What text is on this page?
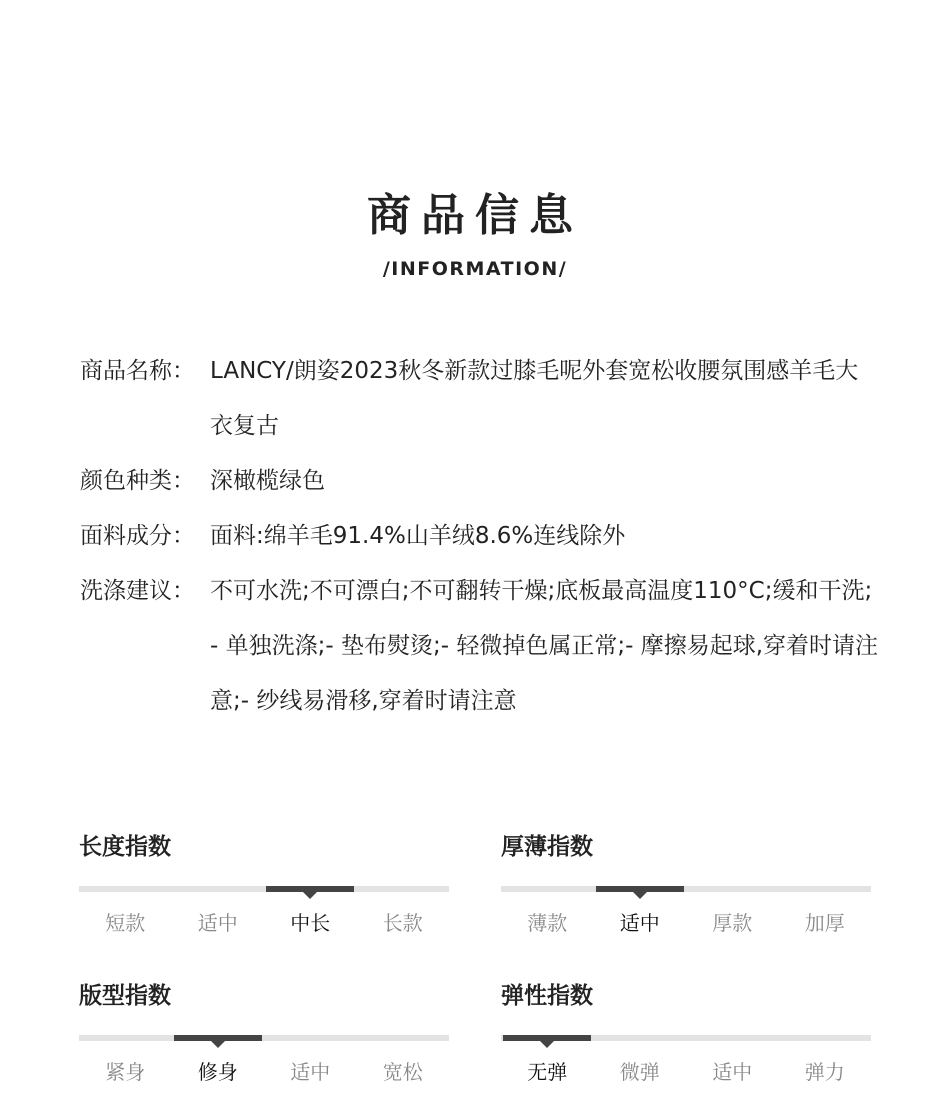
商品信息
/INFORMATION/
商品名称： LANCY/朗姿2023秋冬新款过膝毛呢外套宽松收腰氛围感羊毛大衣复古
颜色种类： 深橄榄绿色
面料成分： 面料:绵羊毛91.4%山羊绒8.6%连线除外
洗涤建议： 不可水洗;不可漂白;不可翻转干燥;底板最高温度110°C;缓和干洗;- 单独洗涤;- 垫布熨烫;- 轻微掉色属正常;- 摩擦易起球,穿着时请注意;- 纱线易滑移,穿着时请注意
长度指数
短款	适中	中长	长款
厚薄指数
薄款	适中	厚款	加厚
版型指数
紧身	修身	适中	宽松
弹性指数
无弹	微弹	适中	弹力
